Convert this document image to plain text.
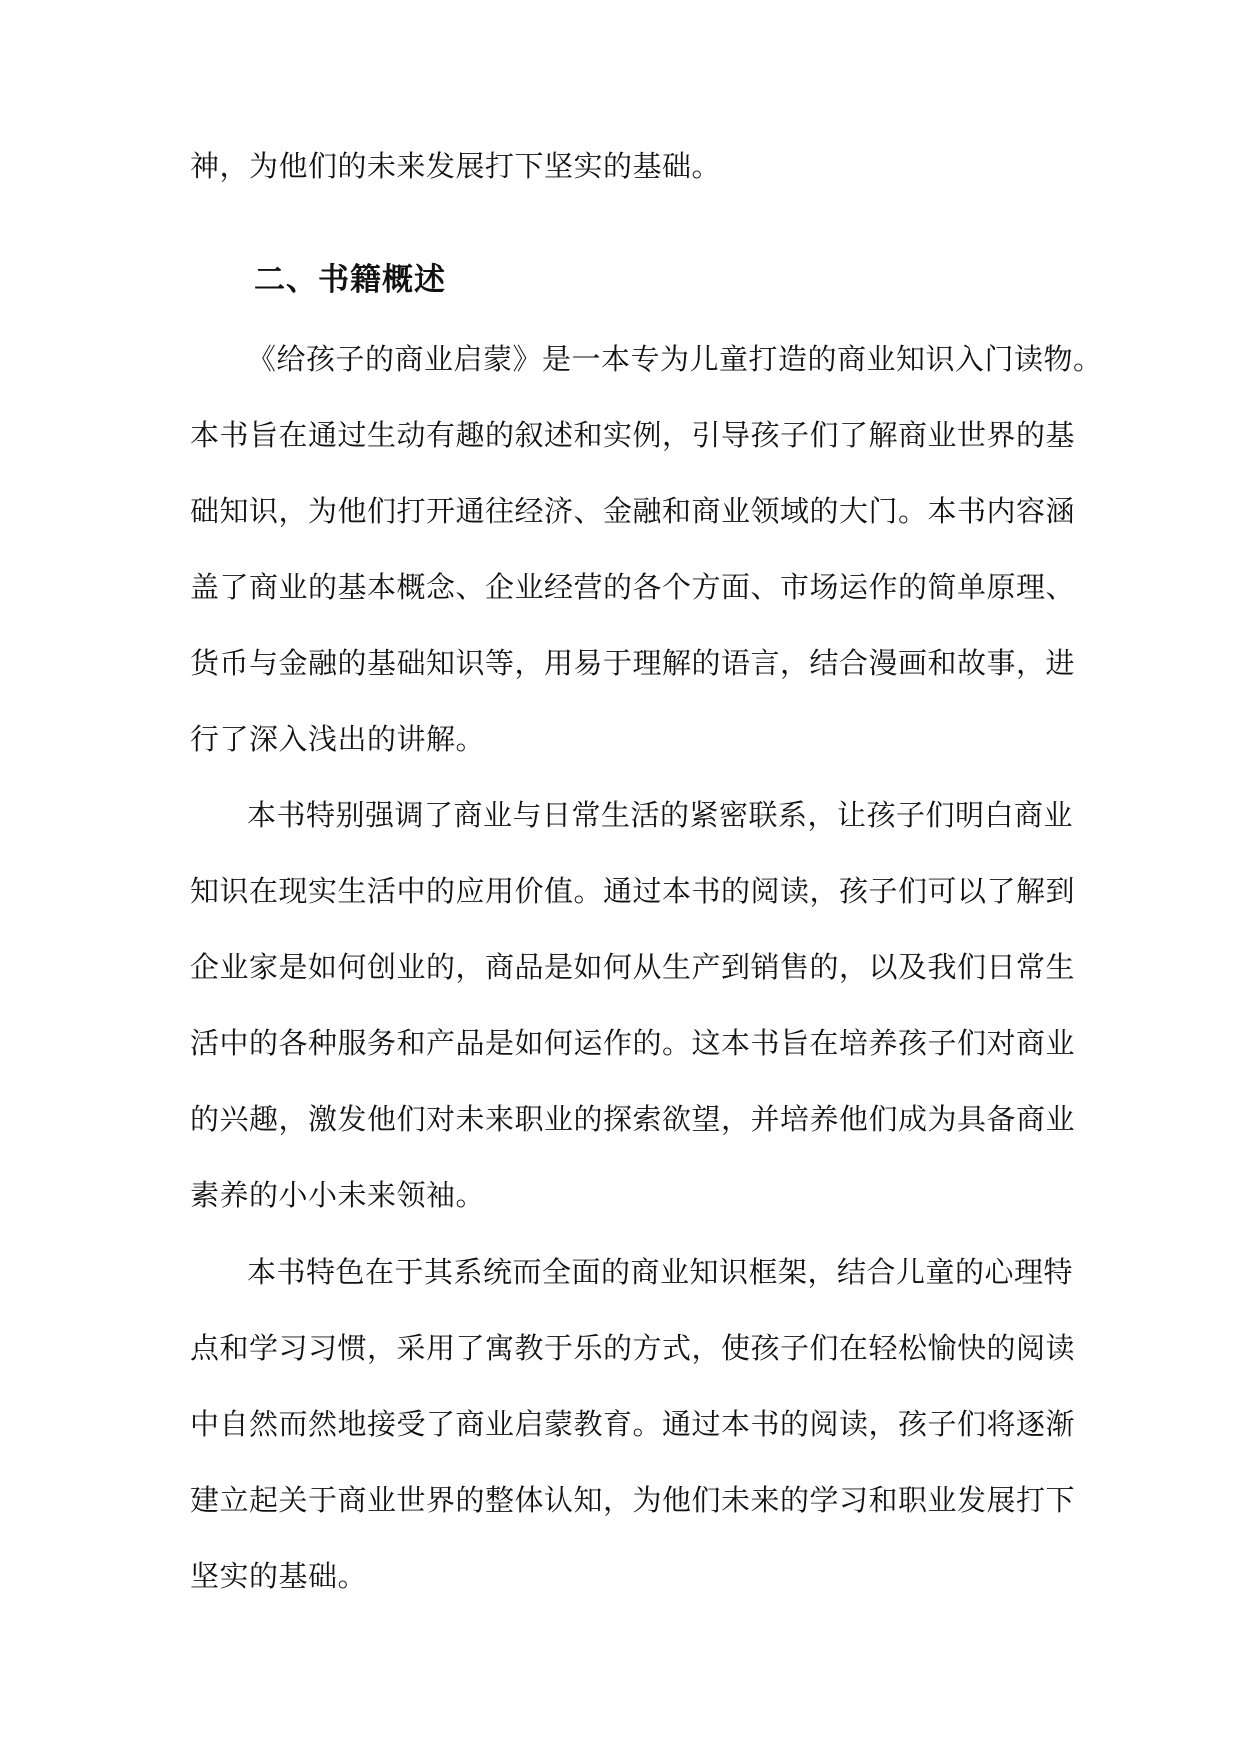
神，为他们的未来发展打下坚实的基础。
二、书籍概述
《给孩子的商业启蒙》是一本专为儿童打造的商业知识入门读物。
本书旨在通过生动有趣的叙述和实例，引导孩子们了解商业世界的基
础知识，为他们打开通往经济、金融和商业领域的大门。本书内容涵
盖了商业的基本概念、企业经营的各个方面、市场运作的简单原理、
货币与金融的基础知识等，用易于理解的语言，结合漫画和故事，进
行了深入浅出的讲解。
本书特别强调了商业与日常生活的紧密联系，让孩子们明白商业
知识在现实生活中的应用价值。通过本书的阅读，孩子们可以了解到
企业家是如何创业的，商品是如何从生产到销售的，以及我们日常生
活中的各种服务和产品是如何运作的。这本书旨在培养孩子们对商业
的兴趣，激发他们对未来职业的探索欲望，并培养他们成为具备商业
素养的小小未来领袖。
本书特色在于其系统而全面的商业知识框架，结合儿童的心理特
点和学习习惯，采用了寓教于乐的方式，使孩子们在轻松愉快的阅读
中自然而然地接受了商业启蒙教育。通过本书的阅读，孩子们将逐渐
建立起关于商业世界的整体认知，为他们未来的学习和职业发展打下
坚实的基础。
